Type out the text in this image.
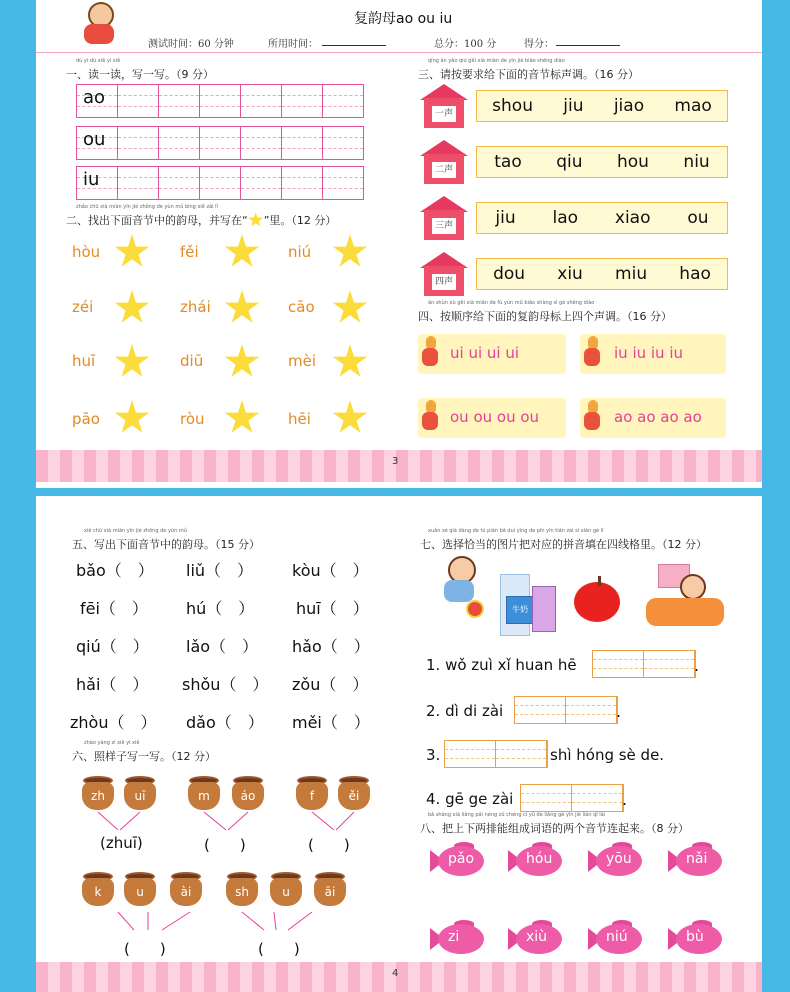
复韵母ao ou iu
测试时间：60 分钟	所用时间：	总分：100 分	得分：
dú yi dú xiě yi xiě
一、读一读，写一写。（9 分）
ao
ou
iu
zhǎo chū xià miàn yīn jié zhōng de yùn mǔ bìng xiě zài lǐ
二、找出下面音节中的韵母，并写在“ ”里。（12 分）
hòu	fěi	niú
zéi	zhái	cāo
huī	diū	mèi
pāo	ròu	hēi
qǐng àn yāo qiú gěi xià miàn de yīn jié biāo shēng diào
三、请按要求给下面的音节标声调。（16 分）
一声 shou jiu jiao mao
二声 tao qiu hou niu
三声 jiu lao xiao ou
四声 dou xiu miu hao
àn shùn xù gěi xià miàn de fù yùn mǔ biāo shàng sì gè shēng diào
四、按顺序给下面的复韵母标上四个声调。（16 分）
ui ui ui ui	iu iu iu iu
ou ou ou ou	ao ao ao ao
3
xiě chū xià miàn yīn jié zhōng de yùn mǔ
五、写出下面音节中的韵母。（15 分）
bǎo（　） liǔ（　） kòu（　）
fēi（　） hú（　）	huī（　）
qiú（　） lǎo（　） hǎo（　）
hǎi（　） shǒu（　） zǒu（　）
zhòu（　） dǎo（　） měi（　）
zhào yàng zi xiě yi xiě
六、照样子写一写。（12 分）
zh	uī	m	áo	f	ěi
(zhuī)	(　　)	(　　)
k	u	ài	sh	u	āi
(　　)	(　　)
xuǎn zé qià dàng de tú piàn bǎ duì yìng de pīn yīn tián zài sì xiàn gé lǐ
七、选择恰当的图片把对应的拼音填在四线格里。（12 分）
牛奶
1. wǒ zuì xǐ huan hē	.
2. dì di zài	.
3.	shì hóng sè de.
4. gē ge zài	.
bǎ shàng xià liǎng pái néng zǔ chéng cí yǔ de liǎng gè yīn jié lián qǐ lái
八、把上下两排能组成词语的两个音节连起来。（8 分）
pǎo	hóu	yōu	nǎi
zi	xiù	niú	bù
4
